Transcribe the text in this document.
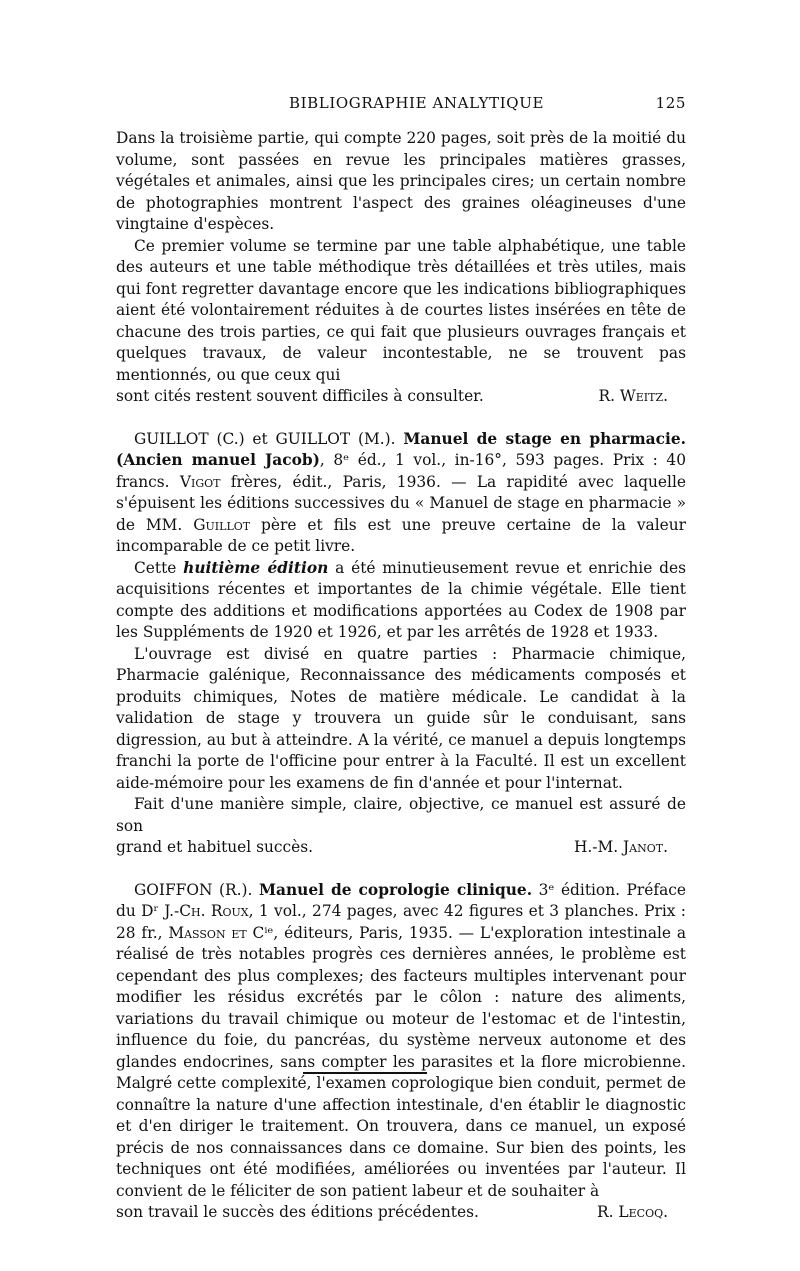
BIBLIOGRAPHIE ANALYTIQUE	125

Dans la troisième partie, qui compte 220 pages, soit près de la moitié du volume, sont passées en revue les principales matières grasses, végétales et animales, ainsi que les principales cires; un certain nombre de photographies montrent l'aspect des graines oléagineuses d'une vingtaine d'espèces.

Ce premier volume se termine par une table alphabétique, une table des auteurs et une table méthodique très détaillées et très utiles, mais qui font regretter davantage encore que les indications bibliographiques aient été volontairement réduites à de courtes listes insérées en tête de chacune des trois parties, ce qui fait que plusieurs ouvrages français et quelques travaux, de valeur incontestable, ne se trouvent pas mentionnés, ou que ceux qui

sont cités restent souvent difficiles à consulter.	R. Weitz.

GUILLOT (C.) et GUILLOT (M.). Manuel de stage en pharmacie. (Ancien manuel Jacob), 8ᵉ éd., 1 vol., in-16°, 593 pages. Prix : 40 francs. Vigot frères, édit., Paris, 1936. — La rapidité avec laquelle s'épuisent les éditions successives du « Manuel de stage en pharmacie » de MM. Guillot père et fils est une preuve certaine de la valeur incomparable de ce petit livre.

Cette huitième édition a été minutieusement revue et enrichie des acquisitions récentes et importantes de la chimie végétale. Elle tient compte des additions et modifications apportées au Codex de 1908 par les Suppléments de 1920 et 1926, et par les arrêtés de 1928 et 1933.

L'ouvrage est divisé en quatre parties : Pharmacie chimique, Pharmacie galénique, Reconnaissance des médicaments composés et produits chimiques, Notes de matière médicale. Le candidat à la validation de stage y trouvera un guide sûr le conduisant, sans digression, au but à atteindre. A la vérité, ce manuel a depuis longtemps franchi la porte de l'officine pour entrer à la Faculté. Il est un excellent aide-mémoire pour les examens de fin d'année et pour l'internat.

Fait d'une manière simple, claire, objective, ce manuel est assuré de son

grand et habituel succès.	H.-M. Janot.

GOIFFON (R.). Manuel de coprologie clinique. 3ᵉ édition. Préface du Dʳ J.-Ch. Roux, 1 vol., 274 pages, avec 42 figures et 3 planches. Prix : 28 fr., Masson et Cⁱᵉ, éditeurs, Paris, 1935. — L'exploration intestinale a réalisé de très notables progrès ces dernières années, le problème est cependant des plus complexes; des facteurs multiples intervenant pour modifier les résidus excrétés par le côlon : nature des aliments, variations du travail chimique ou moteur de l'estomac et de l'intestin, influence du foie, du pancréas, du système nerveux autonome et des glandes endocrines, sans compter les parasites et la flore microbienne. Malgré cette complexité, l'examen coprologique bien conduit, permet de connaître la nature d'une affection intestinale, d'en établir le diagnostic et d'en diriger le traitement. On trouvera, dans ce manuel, un exposé précis de nos connaissances dans ce domaine. Sur bien des points, les techniques ont été modifiées, améliorées ou inventées par l'auteur. Il convient de le féliciter de son patient labeur et de souhaiter à

son travail le succès des éditions précédentes.	R. Lecoq.
